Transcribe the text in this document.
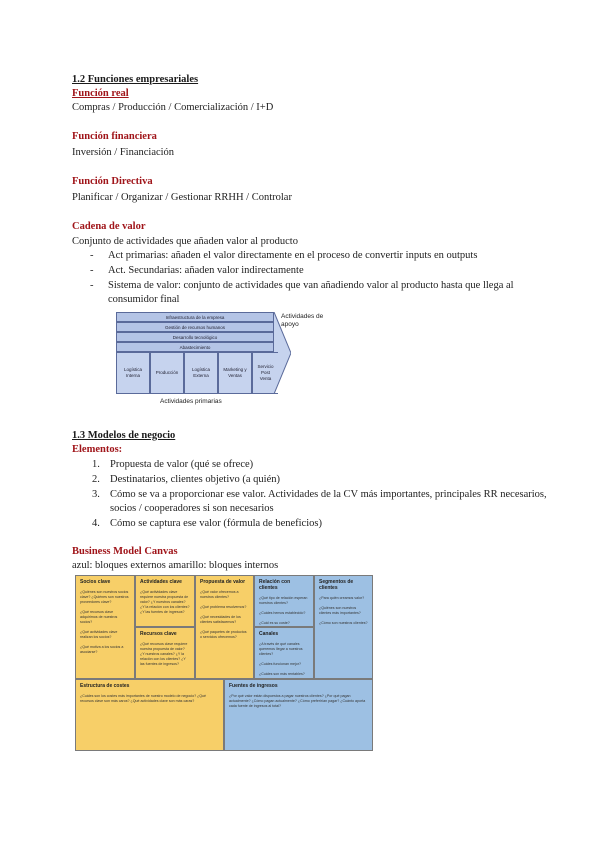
1.2 Funciones empresariales
Función real
Compras / Producción / Comercialización / I+D
Función financiera
Inversión / Financiación
Función Directiva
Planificar / Organizar / Gestionar RRHH / Controlar
Cadena de valor
Conjunto de actividades que añaden valor al producto
- Act primarias: añaden el valor directamente en el proceso de convertir inputs en outputs
- Act. Secundarias: añaden valor indirectamente
- Sistema de valor: conjunto de actividades que van añadiendo valor al producto hasta que llega al consumidor final
Infraestructura de la empresa
Gestión de recursos humanos
Desarrollo tecnológico
Abastecimiento
Logística Interna
Producción
Logística Externa
Marketing y Ventas
Servicio Post Venta
Actividades de apoyo
Actividades primarias
1.3 Modelos de negocio
Elementos:
1. Propuesta de valor (qué se ofrece)
2. Destinatarios, clientes objetivo (a quién)
3. Cómo se va a proporcionar ese valor. Actividades de la CV más importantes, principales RR necesarios, socios / cooperadores si son necesarios
4. Cómo se captura ese valor (fórmula de beneficios)
Business Model Canvas
azul: bloques externos amarillo: bloques internos
Socios clave
¿Quiénes son nuestros socios clave? ¿Quiénes son nuestros proveedores clave?
¿Qué recursos clave adquirimos de nuestros socios?
¿Qué actividades clave realizan los socios?
¿Qué motiva a los socios a asociarse?
Actividades clave
¿Qué actividades clave requiere nuestra propuesta de valor? ¿Y nuestros canales? ¿Y la relación con los clientes? ¿Y las fuentes de ingresos?
Recursos clave
¿Qué recursos clave requiere nuestra propuesta de valor? ¿Y nuestros canales? ¿Y la relación con los clientes? ¿Y las fuentes de ingresos?
Propuesta de valor
¿Qué valor ofrecemos a nuestros clientes?
¿Qué problema resolvemos?
¿Qué necesidades de los clientes satisfacemos?
¿Qué paquetes de productos o servicios ofrecemos?
Relación con clientes
¿Qué tipo de relación esperan nuestros clientes?
¿Cuáles hemos establecido?
¿Cuál es su coste?
Canales
¿A través de qué canales queremos llegar a nuestros clientes?
¿Cuáles funcionan mejor?
¿Cuáles son más rentables?
Segmentos de clientes
¿Para quién creamos valor?
¿Quiénes son nuestros clientes más importantes?
¿Cómo son nuestros clientes?
Estructura de costes
¿Cuáles son los costes más importantes de nuestro modelo de negocio? ¿Qué recursos clave son más caros? ¿Qué actividades clave son más caras?
Fuentes de ingresos
¿Por qué valor están dispuestos a pagar nuestros clientes? ¿Por qué pagan actualmente? ¿Cómo pagan actualmente? ¿Cómo preferirían pagar? ¿Cuánto aporta cada fuente de ingresos al total?
